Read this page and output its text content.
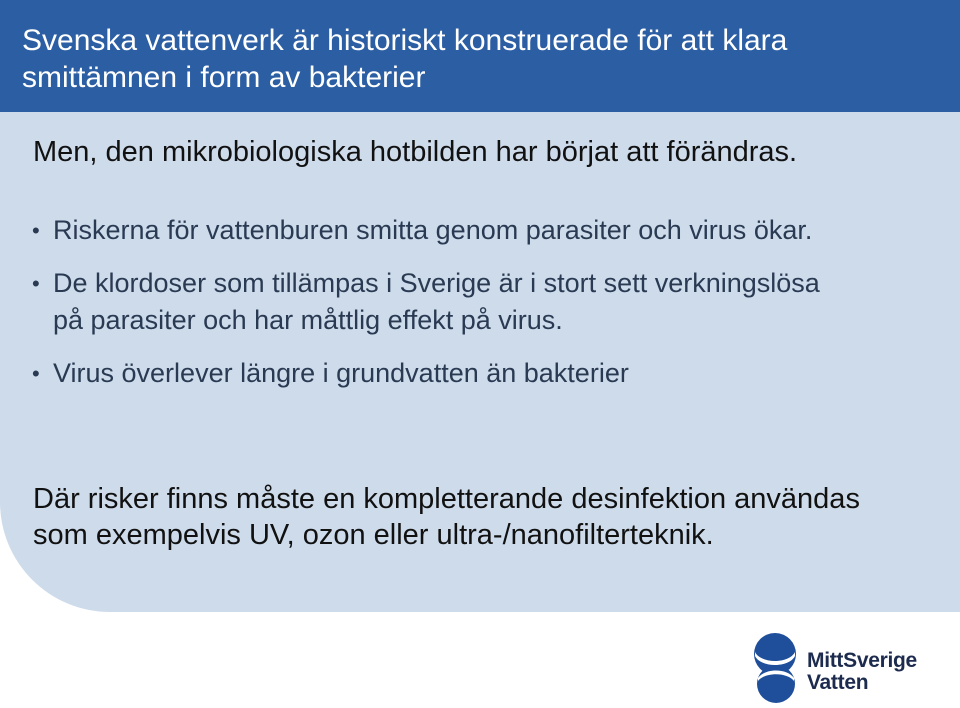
Svenska vattenverk är historiskt konstruerade för att klara
smittämnen i form av bakterier

Men, den mikrobiologiska hotbilden har börjat att förändras.

• Riskerna för vattenburen smitta genom parasiter och virus ökar.
• De klordoser som tillämpas i Sverige är i stort sett verkningslösa
på parasiter och har måttlig effekt på virus.
• Virus överlever längre i grundvatten än bakterier

Där risker finns måste en kompletterande desinfektion användas
som exempelvis UV, ozon eller ultra-/nanofilterteknik.

MittSverige
Vatten
